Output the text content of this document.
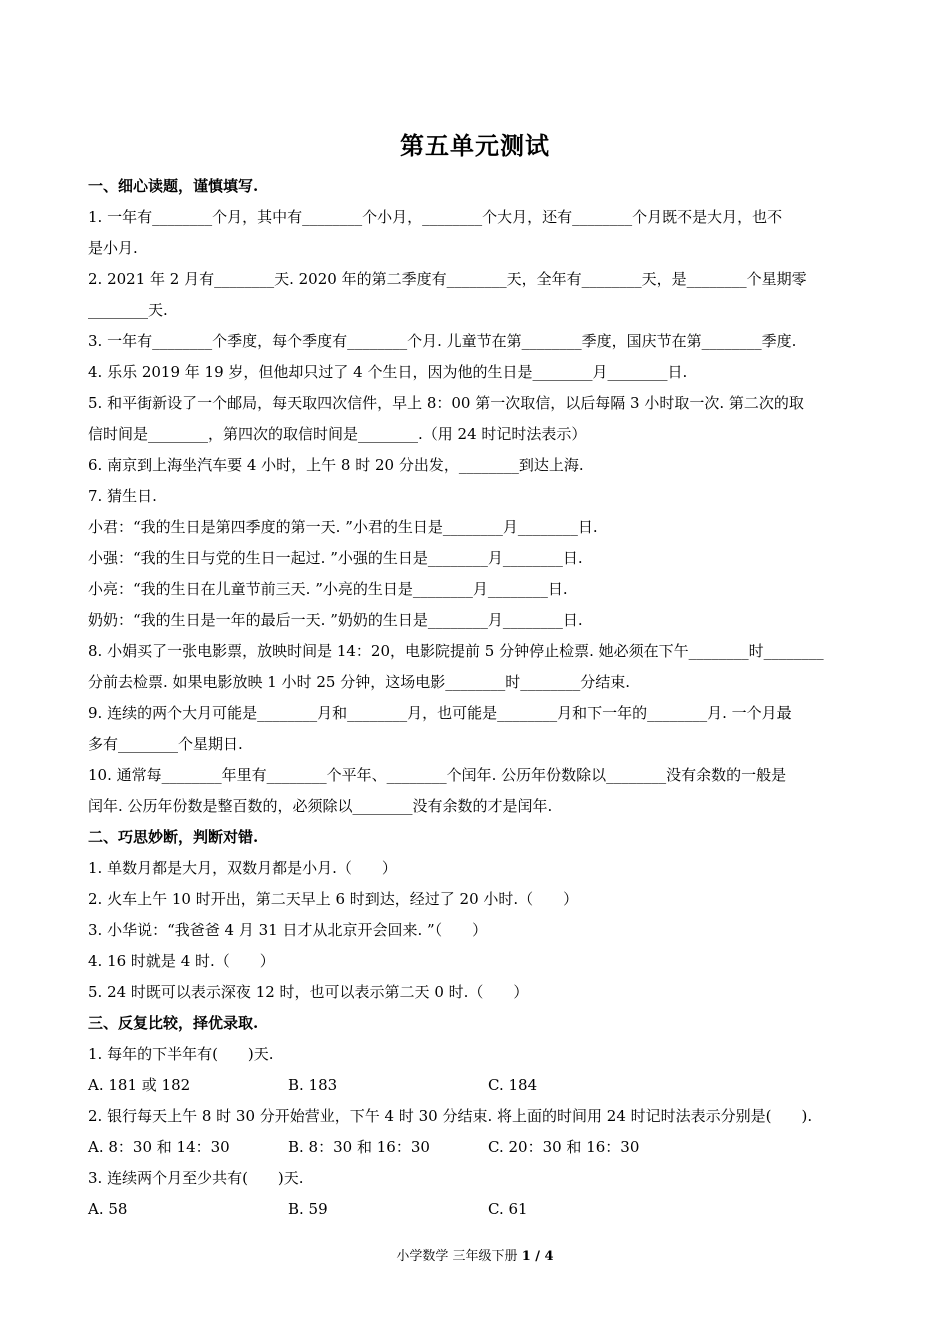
第五单元测试
一、细心读题，谨慎填写.
1. 一年有________个月，其中有________个小月，________个大月，还有________个月既不是大月，也不
是小月.
2. 2021 年 2 月有________天. 2020 年的第二季度有________天，全年有________天，是________个星期零
________天.
3. 一年有________个季度，每个季度有________个月. 儿童节在第________季度，国庆节在第________季度.
4. 乐乐 2019 年 19 岁，但他却只过了 4 个生日，因为他的生日是________月________日.
5. 和平街新设了一个邮局，每天取四次信件，早上 8：00 第一次取信，以后每隔 3 小时取一次. 第二次的取
信时间是________，第四次的取信时间是________.（用 24 时记时法表示）
6. 南京到上海坐汽车要 4 小时，上午 8 时 20 分出发，________到达上海.
7. 猜生日.
小君：“我的生日是第四季度的第一天. ”小君的生日是________月________日.
小强：“我的生日与党的生日一起过. ”小强的生日是________月________日.
小亮：“我的生日在儿童节前三天. ”小亮的生日是________月________日.
奶奶：“我的生日是一年的最后一天. ”奶奶的生日是________月________日.
8. 小娟买了一张电影票，放映时间是 14：20，电影院提前 5 分钟停止检票. 她必须在下午________时________
分前去检票. 如果电影放映 1 小时 25 分钟，这场电影________时________分结束.
9. 连续的两个大月可能是________月和________月，也可能是________月和下一年的________月. 一个月最
多有________个星期日.
10. 通常每________年里有________个平年、________个闰年. 公历年份数除以________没有余数的一般是
闰年. 公历年份数是整百数的，必须除以________没有余数的才是闰年.
二、巧思妙断，判断对错.
1. 单数月都是大月，双数月都是小月.（　　）
2. 火车上午 10 时开出，第二天早上 6 时到达，经过了 20 小时.（　　）
3. 小华说：“我爸爸 4 月 31 日才从北京开会回来. ”（　　）
4. 16 时就是 4 时.（　　）
5. 24 时既可以表示深夜 12 时，也可以表示第二天 0 时.（　　）
三、反复比较，择优录取.
1. 每年的下半年有(　　)天.
A. 181 或 182	B. 183	C. 184
2. 银行每天上午 8 时 30 分开始营业，下午 4 时 30 分结束. 将上面的时间用 24 时记时法表示分别是(　　).
A. 8：30 和 14：30	B. 8：30 和 16：30	C. 20：30 和 16：30
3. 连续两个月至少共有(　　)天.
A. 58	B. 59	C. 61
小学数学 三年级下册 1 / 4
